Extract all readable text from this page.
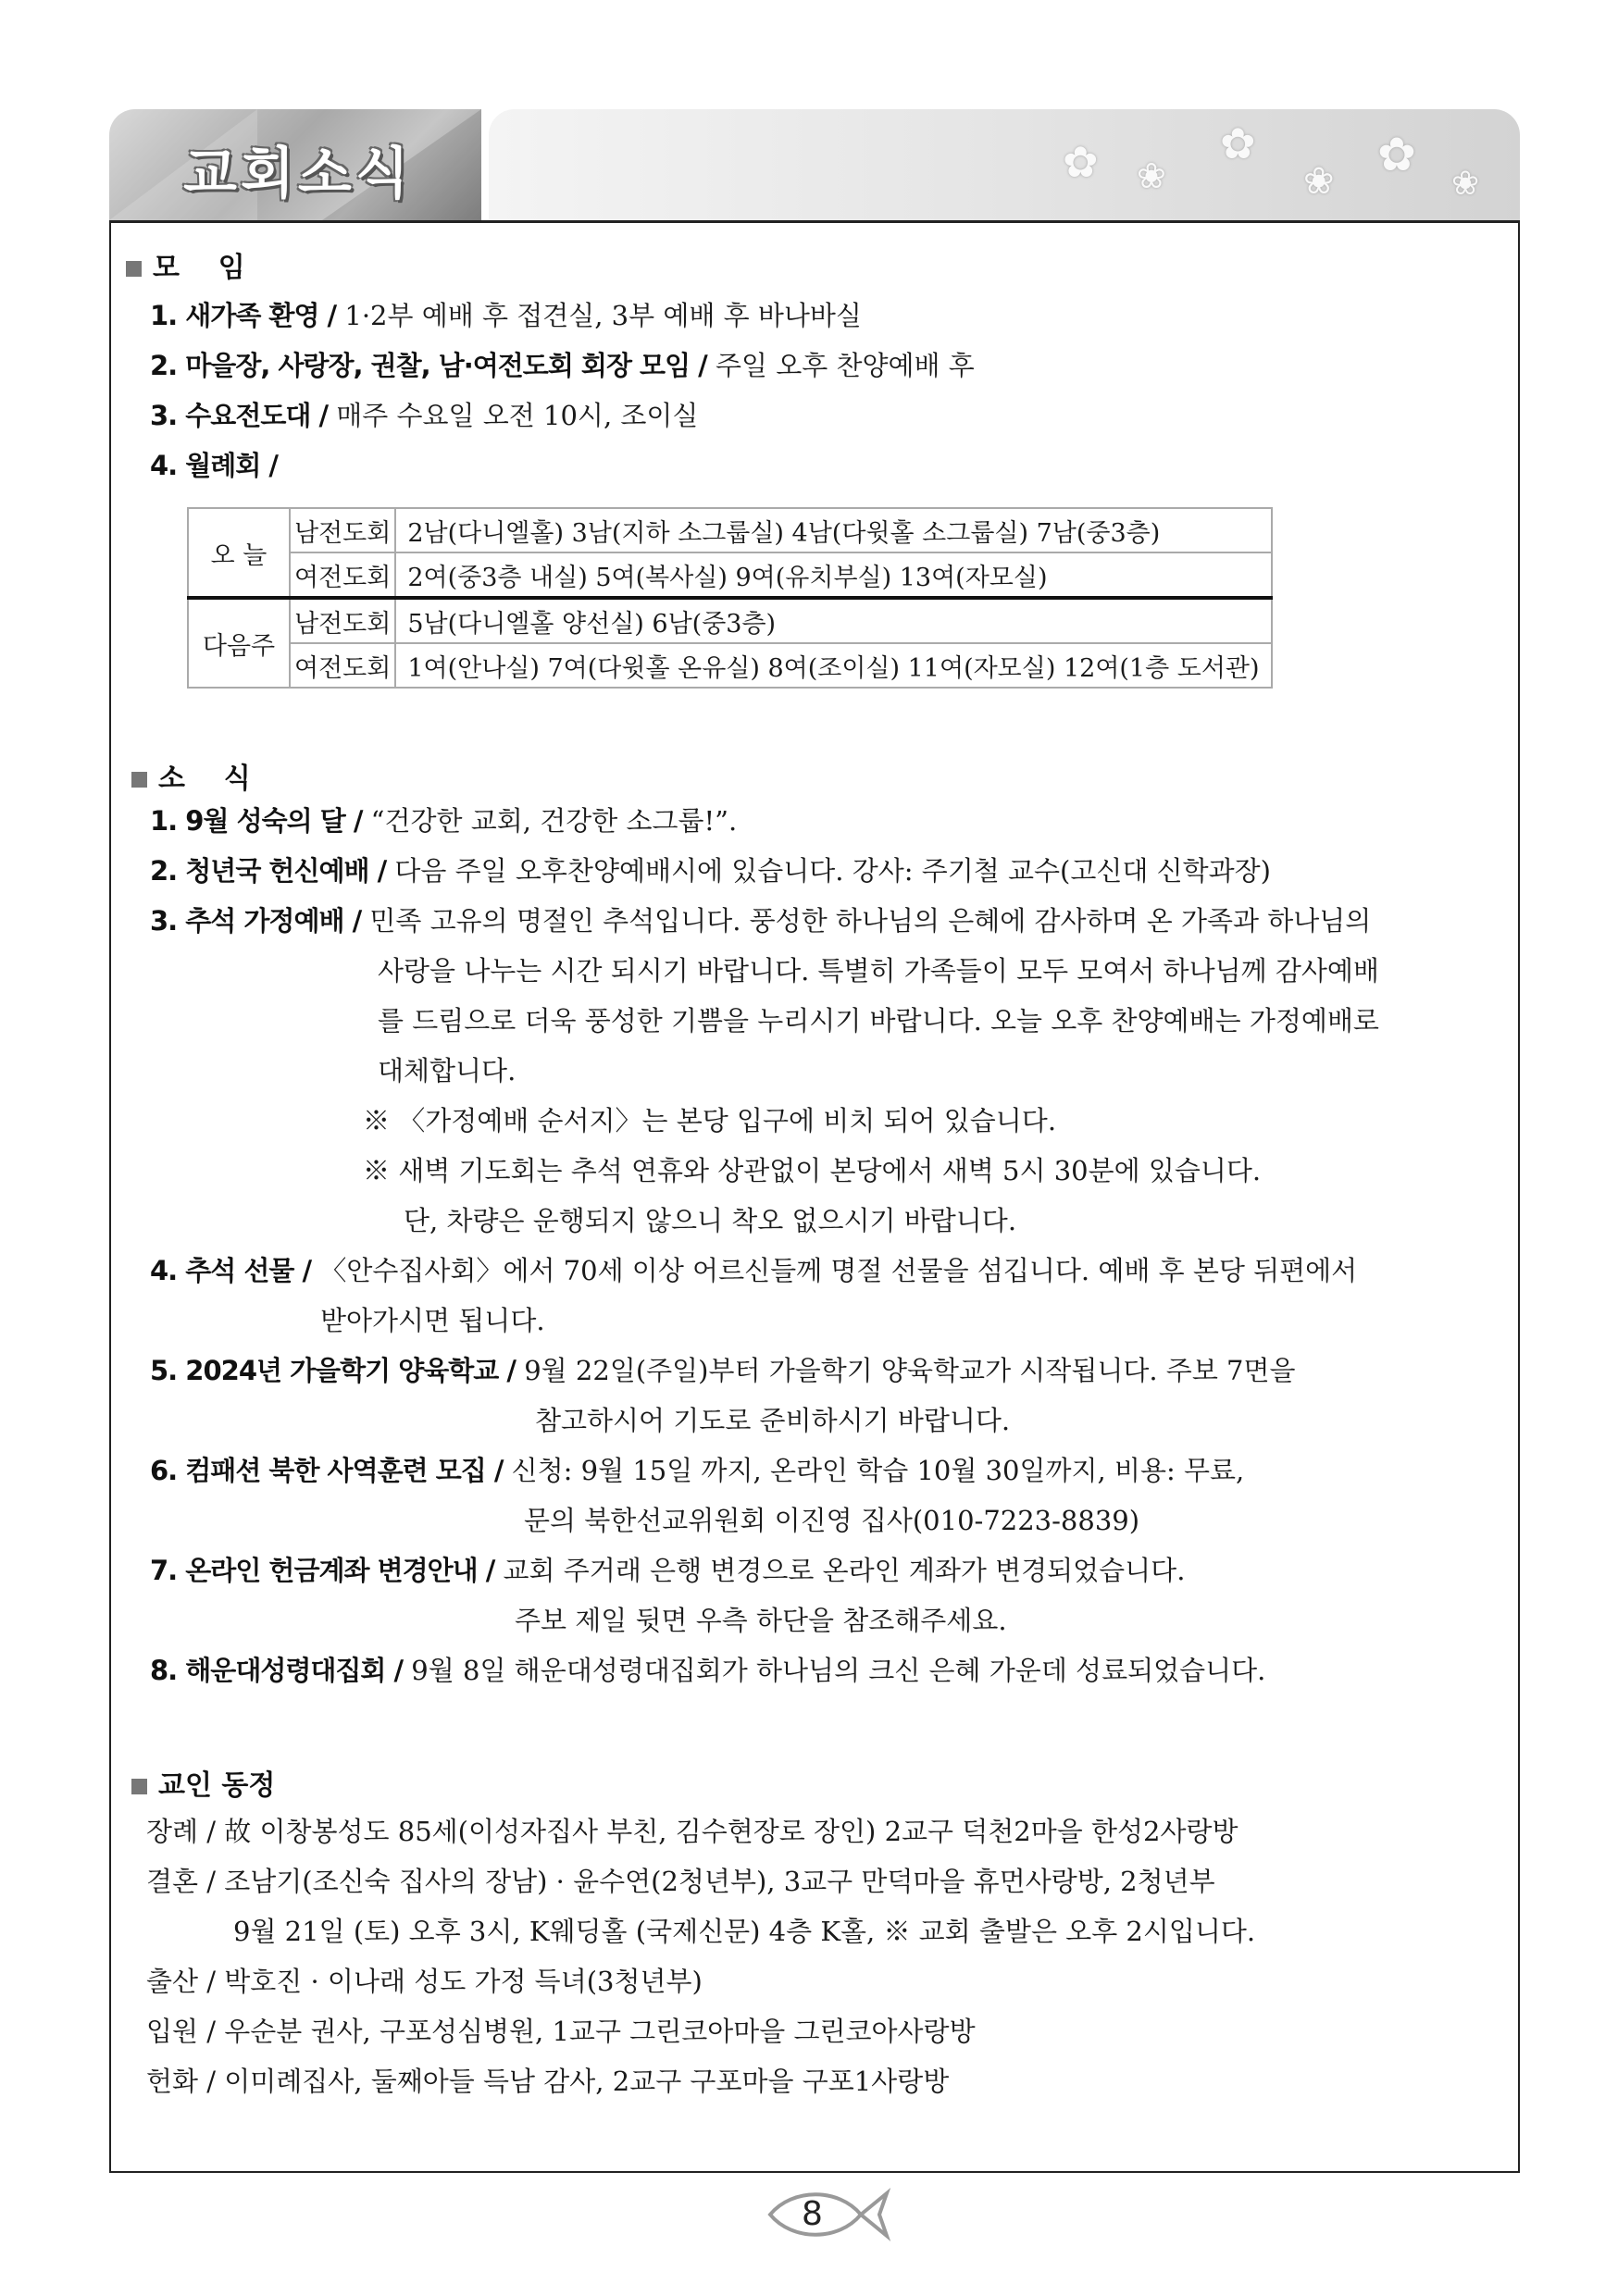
교회소식	✿ ❀
✿
❀ ✿
❀
모    임
1. 새가족 환영 / 1·2부 예배 후 접견실, 3부 예배 후 바나바실
2. 마을장, 사랑장, 권찰, 남·여전도회 회장 모임 / 주일 오후 찬양예배 후
3. 수요전도대 / 매주 수요일 오전 10시, 조이실
4. 월례회 /
오 늘	남전도회	2남(다니엘홀) 3남(지하 소그룹실) 4남(다윗홀 소그룹실) 7남(중3층)
	여전도회	2여(중3층 내실) 5여(복사실) 9여(유치부실) 13여(자모실)
다음주	남전도회	5남(다니엘홀 양선실) 6남(중3층)
	여전도회	1여(안나실) 7여(다윗홀 온유실) 8여(조이실) 11여(자모실) 12여(1층 도서관)
소    식
1. 9월 성숙의 달 / “건강한 교회, 건강한 소그룹!”.
2. 청년국 헌신예배 / 다음 주일 오후찬양예배시에 있습니다. 강사: 주기철 교수(고신대 신학과장)
3. 추석 가정예배 / 민족 고유의 명절인 추석입니다. 풍성한 하나님의 은혜에 감사하며 온 가족과 하나님의
사랑을 나누는 시간 되시기 바랍니다. 특별히 가족들이 모두 모여서 하나님께 감사예배
를 드림으로 더욱 풍성한 기쁨을 누리시기 바랍니다. 오늘 오후 찬양예배는 가정예배로
대체합니다.
※ 〈가정예배 순서지〉는 본당 입구에 비치 되어 있습니다.
※ 새벽 기도회는 추석 연휴와 상관없이 본당에서 새벽 5시 30분에 있습니다.
단, 차량은 운행되지 않으니 착오 없으시기 바랍니다.
4. 추석 선물 / 〈안수집사회〉에서 70세 이상 어르신들께 명절 선물을 섬깁니다. 예배 후 본당 뒤편에서
받아가시면 됩니다.
5. 2024년 가을학기 양육학교 / 9월 22일(주일)부터 가을학기 양육학교가 시작됩니다. 주보 7면을
참고하시어 기도로 준비하시기 바랍니다.
6. 컴패션 북한 사역훈련 모집 / 신청: 9월 15일 까지, 온라인 학습 10월 30일까지, 비용: 무료,
문의 북한선교위원회 이진영 집사(010-7223-8839)
7. 온라인 헌금계좌 변경안내 / 교회 주거래 은행 변경으로 온라인 계좌가 변경되었습니다.
주보 제일 뒷면 우측 하단을 참조해주세요.
8. 해운대성령대집회 / 9월 8일 해운대성령대집회가 하나님의 크신 은혜 가운데 성료되었습니다.
교인 동정
장례 / 故 이창봉성도 85세(이성자집사 부친, 김수현장로 장인) 2교구 덕천2마을 한성2사랑방
결혼 / 조남기(조신숙 집사의 장남) · 윤수연(2청년부), 3교구 만덕마을 휴먼사랑방, 2청년부
9월 21일 (토) 오후 3시, K웨딩홀 (국제신문) 4층 K홀, ※ 교회 출발은 오후 2시입니다.
출산 / 박호진 · 이나래 성도 가정 득녀(3청년부)
입원 / 우순분 권사, 구포성심병원, 1교구 그린코아마을 그린코아사랑방
헌화 / 이미례집사, 둘째아들 득남 감사, 2교구 구포마을 구포1사랑방
8
